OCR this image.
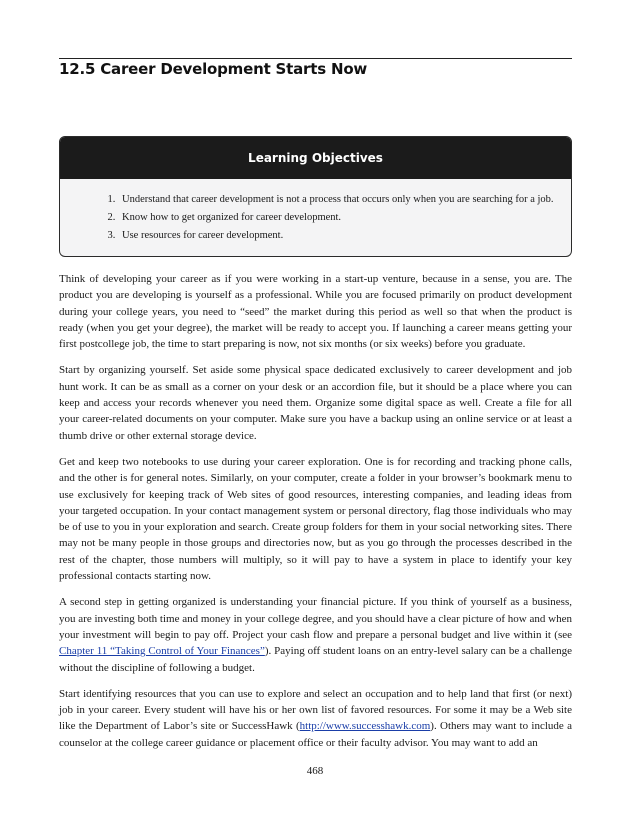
12.5 Career Development Starts Now
Learning Objectives
1. Understand that career development is not a process that occurs only when you are searching for a job.
2. Know how to get organized for career development.
3. Use resources for career development.

Think of developing your career as if you were working in a start-up venture, because in a sense, you are. The product you are developing is yourself as a professional. While you are focused primarily on product development during your college years, you need to “seed” the market during this period as well so that when the product is ready (when you get your degree), the market will be ready to accept you. If launching a career means getting your first postcollege job, the time to start preparing is now, not six months (or six weeks) before you graduate.

Start by organizing yourself. Set aside some physical space dedicated exclusively to career development and job hunt work. It can be as small as a corner on your desk or an accordion file, but it should be a place where you can keep and access your records whenever you need them. Organize some digital space as well. Create a file for all your career-related documents on your computer. Make sure you have a backup using an online service or at least a thumb drive or other external storage device.

Get and keep two notebooks to use during your career exploration. One is for recording and tracking phone calls, and the other is for general notes. Similarly, on your computer, create a folder in your browser’s bookmark menu to use exclusively for keeping track of Web sites of good resources, interesting companies, and leading ideas from your targeted occupation. In your contact management system or personal directory, flag those individuals who may be of use to you in your exploration and search. Create group folders for them in your social networking sites. There may not be many people in those groups and directories now, but as you go through the processes described in the rest of the chapter, those numbers will multiply, so it will pay to have a system in place to identify your key professional contacts starting now.

A second step in getting organized is understanding your financial picture. If you think of yourself as a business, you are investing both time and money in your college degree, and you should have a clear picture of how and when your investment will begin to pay off. Project your cash flow and prepare a personal budget and live within it (see Chapter 11 “Taking Control of Your Finances”). Paying off student loans on an entry-level salary can be a challenge without the discipline of following a budget.

Start identifying resources that you can use to explore and select an occupation and to help land that first (or next) job in your career. Every student will have his or her own list of favored resources. For some it may be a Web site like the Department of Labor’s site or SuccessHawk (http://www.successhawk.com). Others may want to include a counselor at the college career guidance or placement office or their faculty advisor. You may want to add an

468
